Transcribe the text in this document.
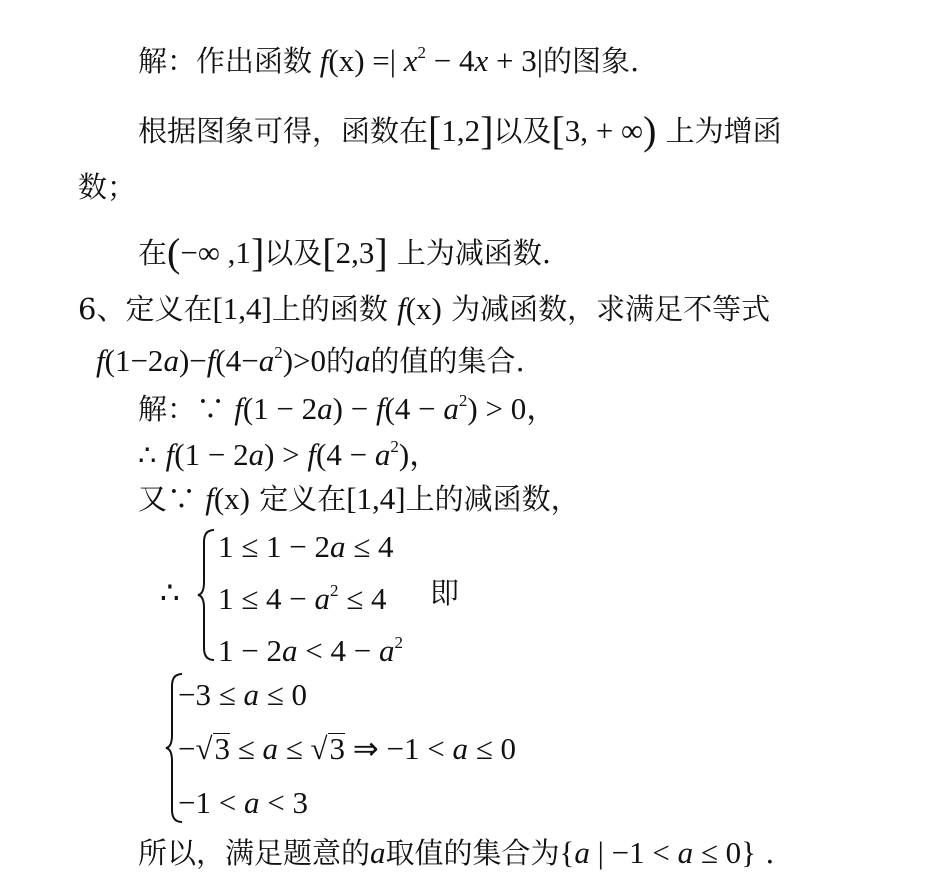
解：作出函数 f(x) =| $x^2 - 4x + 3|$的图象.
根据图象可得，函数在[1,2]以及[3, + ∞) 上为增函
数；
在(−∞ ,1]以及[2,3] 上为减函数.
6、定义在[1,4]上的函数 f(x) 为减函数，求满足不等式
$f(1-2a)-f(4-a^2)>0$的a的值的集合.
解：∵ $f(1 - 2a) - f(4 - a^2) > 0$，
∴ $f(1 - 2a) > f(4 - a^2)$，
又∵ f(x) 定义在[1,4]上的减函数，
∴
1 ≤ 1 − 2a ≤ 4
$1 \le 4 - a^2 \le 4$
$1 - 2a < 4 - a^2$
即
−3 ≤ a ≤ 0
−√3 ≤ a ≤ √3 ⇒ −1 < a ≤ 0
−1 < a < 3
所以，满足题意的a取值的集合为{a | −1 < a ≤ 0} .
